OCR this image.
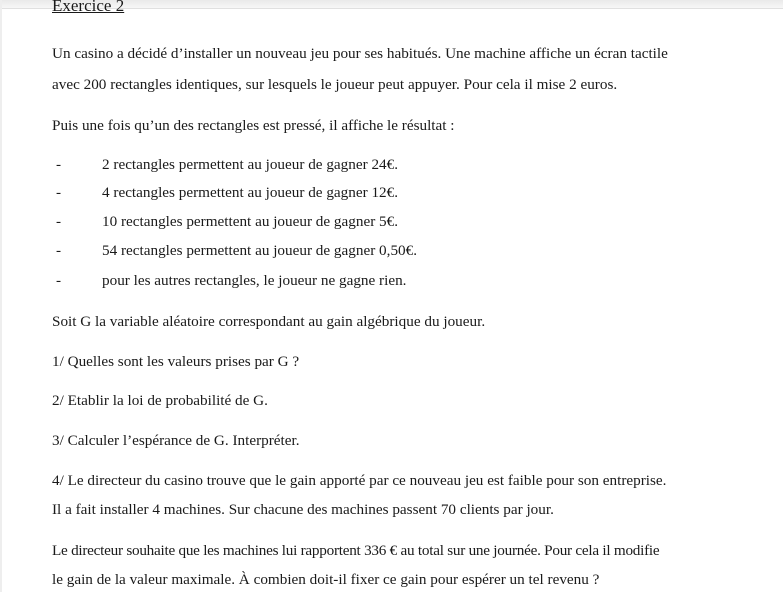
Exercice 2
Un casino a décidé d’installer un nouveau jeu pour ses habitués. Une machine affiche un écran tactile
avec 200 rectangles identiques, sur lesquels le joueur peut appuyer. Pour cela il mise 2 euros.
Puis une fois qu’un des rectangles est pressé, il affiche le résultat :
-	2 rectangles permettent au joueur de gagner 24€.
-	4 rectangles permettent au joueur de gagner 12€.
-	10 rectangles permettent au joueur de gagner 5€.
-	54 rectangles permettent au joueur de gagner 0,50€.
-	pour les autres rectangles, le joueur ne gagne rien.
Soit G la variable aléatoire correspondant au gain algébrique du joueur.
1/ Quelles sont les valeurs prises par G ?
2/ Etablir la loi de probabilité de G.
3/ Calculer l’espérance de G. Interpréter.
4/ Le directeur du casino trouve que le gain apporté par ce nouveau jeu est faible pour son entreprise.
Il a fait installer 4 machines. Sur chacune des machines passent 70 clients par jour.
Le directeur souhaite que les machines lui rapportent 336 € au total sur une journée. Pour cela il modifie
le gain de la valeur maximale. À combien doit-il fixer ce gain pour espérer un tel revenu ?
